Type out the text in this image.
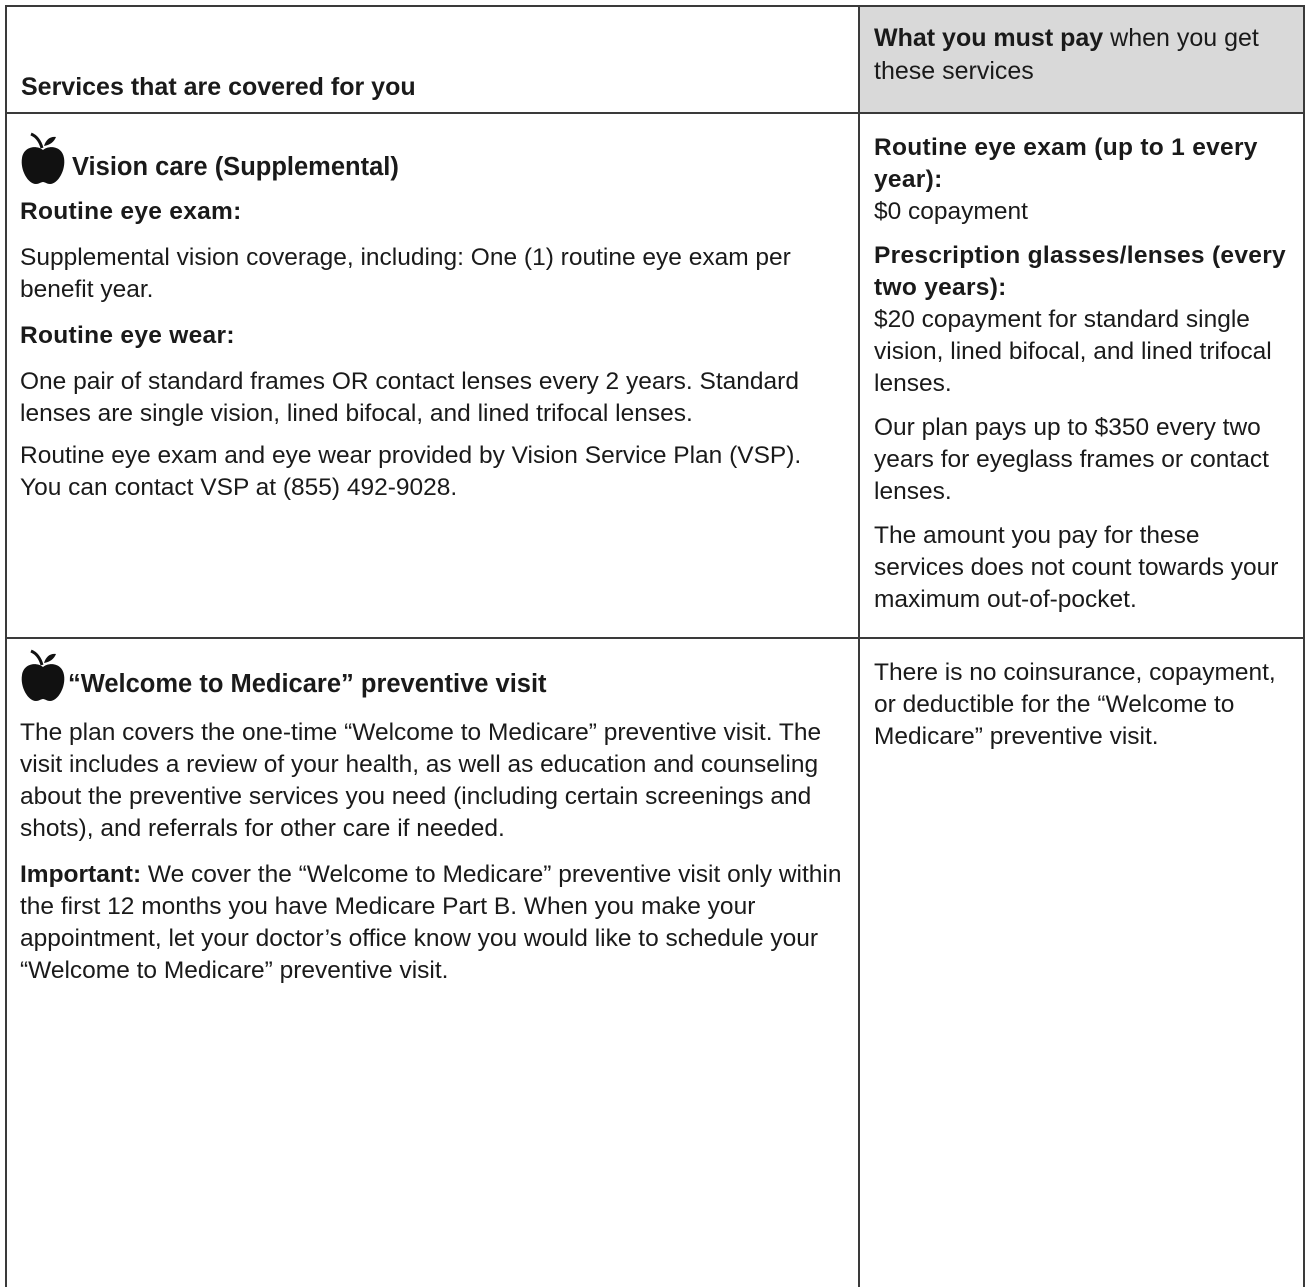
Services that are covered for you
What you must pay when you get these services
Vision care (Supplemental)

Routine eye exam:

Supplemental vision coverage, including: One (1) routine eye exam per benefit year.

Routine eye wear:

One pair of standard frames OR contact lenses every 2 years. Standard lenses are single vision, lined bifocal, and lined trifocal lenses.

Routine eye exam and eye wear provided by Vision Service Plan (VSP). You can contact VSP at (855) 492-9028.

Routine eye exam (up to 1 every year):

$0 copayment

Prescription glasses/lenses (every two years):

$20 copayment for standard single vision, lined bifocal, and lined trifocal lenses.

Our plan pays up to $350 every two years for eyeglass frames or contact lenses.

The amount you pay for these services does not count towards your maximum out-of-pocket.

“Welcome to Medicare” preventive visit

The plan covers the one-time “Welcome to Medicare” preventive visit. The visit includes a review of your health, as well as education and counseling about the preventive services you need (including certain screenings and shots), and referrals for other care if needed.

Important: We cover the “Welcome to Medicare” preventive visit only within the first 12 months you have Medicare Part B. When you make your appointment, let your doctor’s office know you would like to schedule your “Welcome to Medicare” preventive visit.

There is no coinsurance, copayment, or deductible for the “Welcome to Medicare” preventive visit.
